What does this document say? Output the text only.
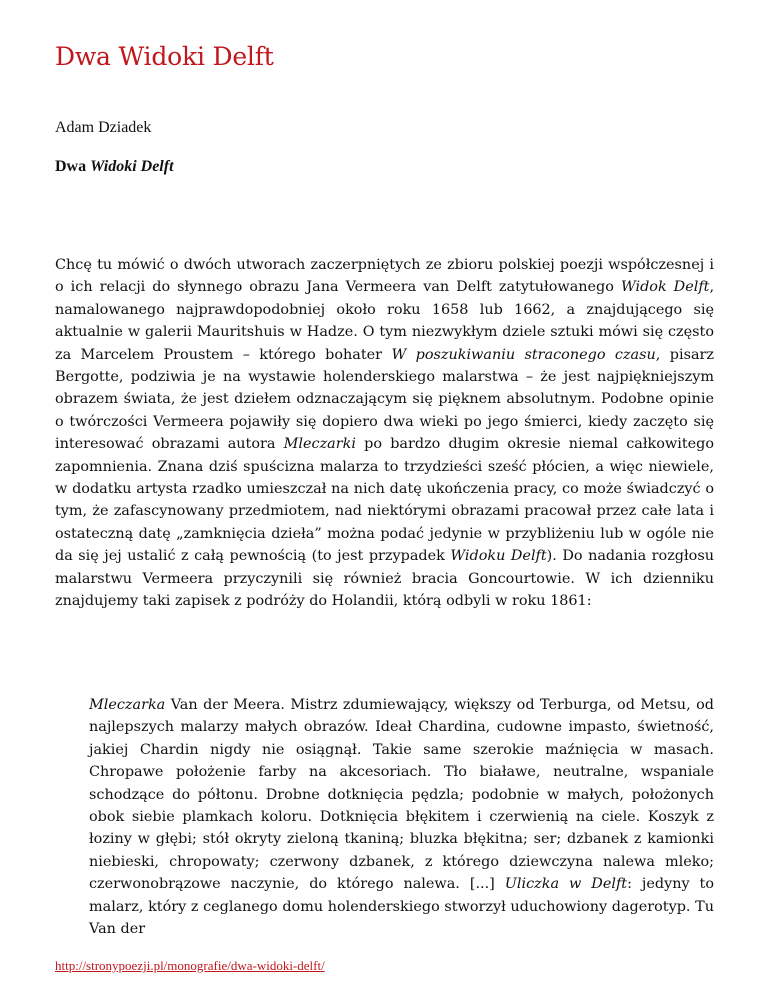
Dwa Widoki Delft
Adam Dziadek
Dwa Widoki Delft

Chcę tu mówić o dwóch utworach zaczerpniętych ze zbioru polskiej poezji współczesnej i o ich relacji do słynnego obrazu Jana Vermeera van Delft zatytułowanego Widok Delft, namalowanego najprawdopodobniej około roku 1658 lub 1662, a znajdującego się aktualnie w galerii Mauritshuis w Hadze. O tym niezwykłym dziele sztuki mówi się często za Marcelem Proustem – którego bohater W poszukiwaniu straconego czasu, pisarz Bergotte, podziwia je na wystawie holenderskiego malarstwa – że jest najpiękniejszym obrazem świata, że jest dziełem odznaczającym się pięknem absolutnym. Podobne opinie o twórczości Vermeera pojawiły się dopiero dwa wieki po jego śmierci, kiedy zaczęto się interesować obrazami autora Mleczarki po bardzo długim okresie niemal całkowitego zapomnienia. Znana dziś spuścizna malarza to trzydzieści sześć płócien, a więc niewiele, w dodatku artysta rzadko umieszczał na nich datę ukończenia pracy, co może świadczyć o tym, że zafascynowany przedmiotem, nad niektórymi obrazami pracował przez całe lata i ostateczną datę „zamknięcia dzieła” można podać jedynie w przybliżeniu lub w ogóle nie da się jej ustalić z całą pewnością (to jest przypadek Widoku Delft). Do nadania rozgłosu malarstwu Vermeera przyczynili się również bracia Goncourtowie. W ich dzienniku znajdujemy taki zapisek z podróży do Holandii, którą odbyli w roku 1861:

Mleczarka Van der Meera. Mistrz zdumiewający, większy od Terburga, od Metsu, od najlepszych malarzy małych obrazów. Ideał Chardina, cudowne impasto, świetność, jakiej Chardin nigdy nie osiągnął. Takie same szerokie maźnięcia w masach. Chropawe położenie farby na akcesoriach. Tło białawe, neutralne, wspaniale schodzące do półtonu. Drobne dotknięcia pędzla; podobnie w małych, położonych obok siebie plamkach koloru. Dotknięcia błękitem i czerwienią na ciele. Koszyk z łoziny w głębi; stół okryty zieloną tkaniną; bluzka błękitna; ser; dzbanek z kamionki niebieski, chropowaty; czerwony dzbanek, z którego dziewczyna nalewa mleko; czerwonobrązowe naczynie, do którego nalewa. [...] Uliczka w Delft: jedyny to malarz, który z ceglanego domu holenderskiego stworzył uduchowiony dagerotyp. Tu Van der

http://stronypoezji.pl/monografie/dwa-widoki-delft/
